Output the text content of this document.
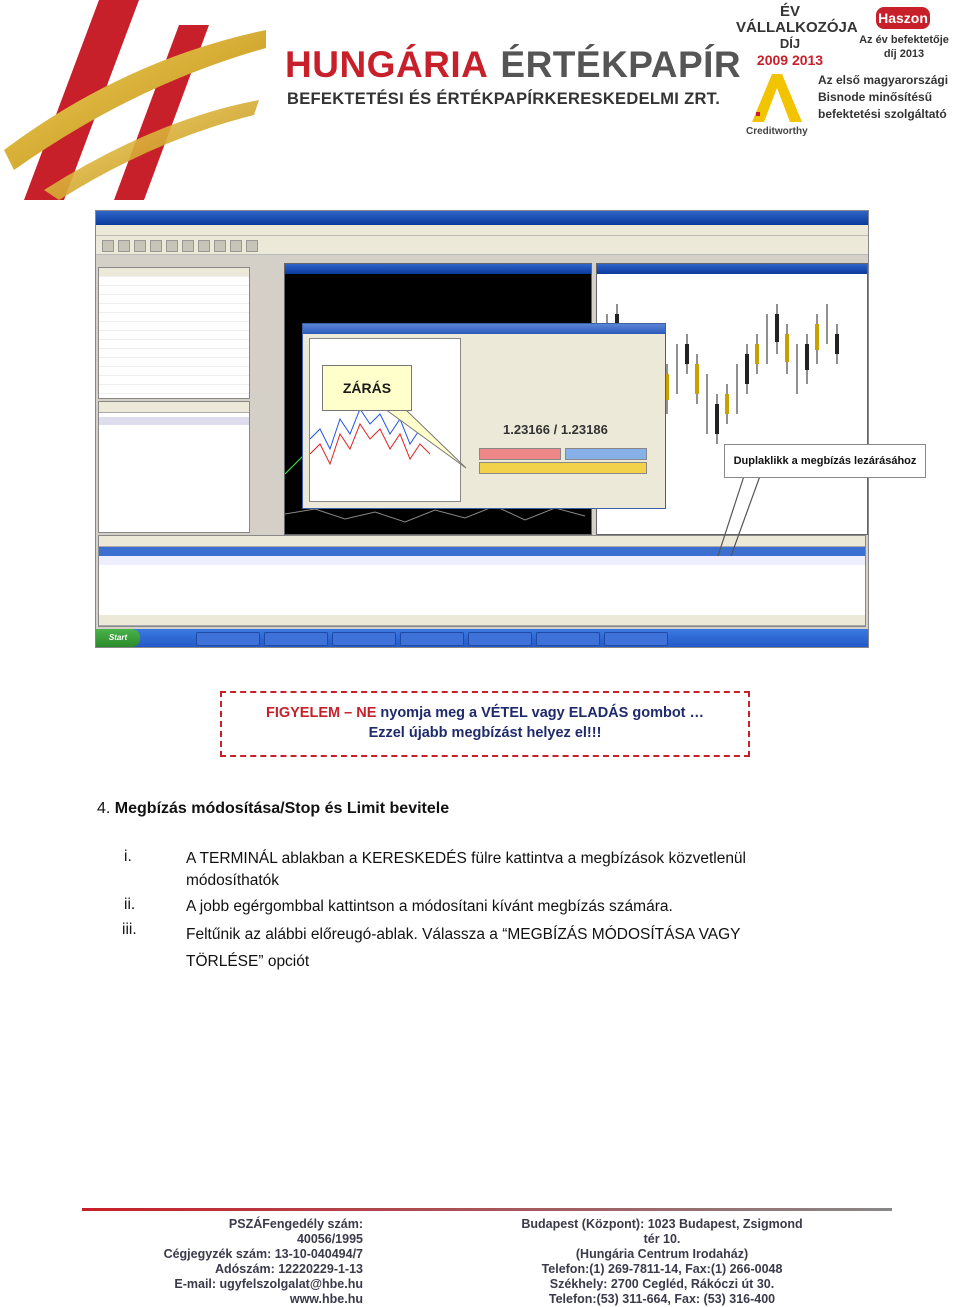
HUNGÁRIA ÉRTÉKPAPÍR
BEFEKTETÉSI ÉS ÉRTÉKPAPÍRKERESKEDELMI ZRT.
ÉV
VÁLLALKOZÓJA
DÍJ
2009 2013
Haszon
Az év befektetője díj 2013
Creditworthy
Az első magyarországi
Bisnode minősítésű
befektetési szolgáltató
1.23166 / 1.23186
Start
ZÁRÁS
Duplaklikk a megbízás lezárásához
FIGYELEM – NE nyomja meg a VÉTEL vagy ELADÁS gombot …
Ezzel újabb megbízást helyez el!!!
4. Megbízás módosítása/Stop és Limit bevitele
i.	A TERMINÁL ablakban a KERESKEDÉS fülre kattintva a megbízások közvetlenül módosíthatók
ii.	A jobb egérgombbal kattintson a módosítani kívánt megbízás számára.
iii.	Feltűnik az alábbi előreugó-ablak. Válassza a “MEGBÍZÁS MÓDOSÍTÁSA VAGY TÖRLÉSE” opciót
PSZÁFengedély szám: 40056/1995
Cégjegyzék szám: 13-10-040494/7
Adószám: 12220229-1-13
E-mail: ugyfelszolgalat@hbe.hu
www.hbe.hu
Budapest (Központ): 1023 Budapest, Zsigmond tér 10.
(Hungária Centrum Irodaház)
Telefon:(1) 269-7811-14, Fax:(1) 266-0048
Székhely: 2700 Cegléd, Rákóczi út 30.
Telefon:(53) 311-664, Fax: (53) 316-400
